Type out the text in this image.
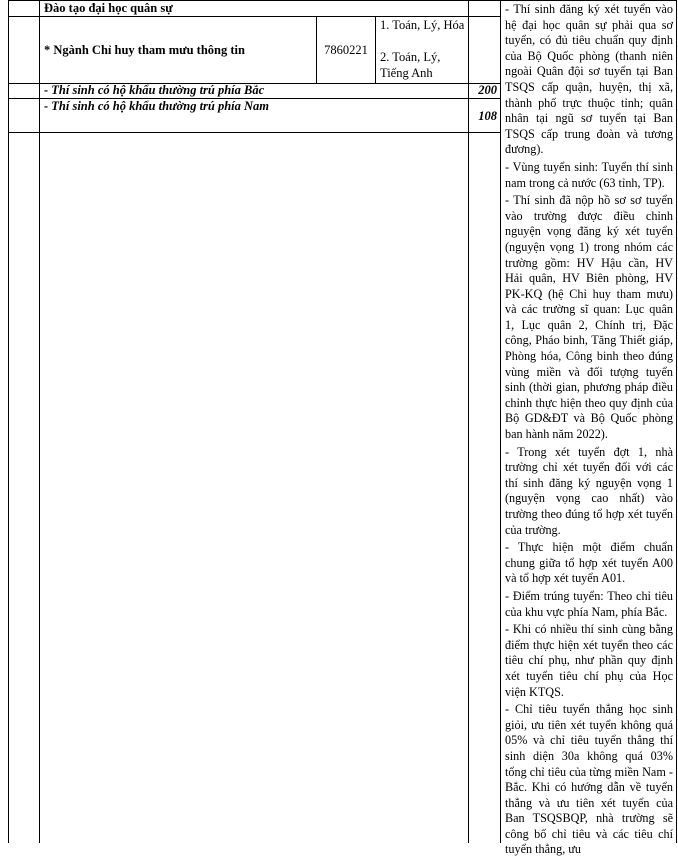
Đào tạo đại học quân sự
* Ngành Chỉ huy tham mưu thông tin	7860221
1. Toán, Lý, Hóa
2. Toán, Lý, Tiếng Anh
- Thí sinh có hộ khẩu thường trú phía Bắc	200
- Thí sinh có hộ khẩu thường trú phía Nam
108

- Thí sinh đăng ký xét tuyển vào hệ đại học quân sự phải qua sơ tuyển, có đủ tiêu chuẩn quy định của Bộ Quốc phòng (thanh niên ngoài Quân đội sơ tuyển tại Ban TSQS cấp quận, huyện, thị xã, thành phố trực thuộc tỉnh; quân nhân tại ngũ sơ tuyển tại Ban TSQS cấp trung đoàn và tương đương).

- Vùng tuyển sinh: Tuyển thí sinh nam trong cả nước (63 tỉnh, TP).

- Thí sinh đã nộp hồ sơ sơ tuyển vào trường được điều chỉnh nguyện vọng đăng ký xét tuyển (nguyện vọng 1) trong nhóm các trường gồm: HV Hậu cần, HV Hải quân, HV Biên phòng, HV PK-KQ (hệ Chỉ huy tham mưu) và các trường sĩ quan: Lục quân 1, Lục quân 2, Chính trị, Đặc công, Pháo binh, Tăng Thiết giáp, Phòng hóa, Công binh theo đúng vùng miền và đối tượng tuyển sinh (thời gian, phương pháp điều chỉnh thực hiện theo quy định của Bộ GD&ĐT và Bộ Quốc phòng ban hành năm 2022).

- Trong xét tuyển đợt 1, nhà trường chỉ xét tuyển đối với các thí sinh đăng ký nguyện vọng 1 (nguyện vọng cao nhất) vào trường theo đúng tổ hợp xét tuyển của trường.

- Thực hiện một điểm chuẩn chung giữa tổ hợp xét tuyển A00 và tổ hợp xét tuyển A01.

- Điểm trúng tuyển: Theo chỉ tiêu của khu vực phía Nam, phía Bắc.

- Khi có nhiều thí sinh cùng bằng điểm thực hiện xét tuyển theo các tiêu chí phụ, như phần quy định xét tuyển tiêu chí phụ của Học viện KTQS.

- Chỉ tiêu tuyển thẳng học sinh giỏi, ưu tiên xét tuyển không quá 05% và chỉ tiêu tuyển thẳng thí sinh diện 30a không quá 03% tổng chỉ tiêu của từng miền Nam - Bắc. Khi có hướng dẫn về tuyển thẳng và ưu tiên xét tuyển của Ban TSQSBQP, nhà trường sẽ công bố chỉ tiêu và các tiêu chí tuyển thẳng, ưu
